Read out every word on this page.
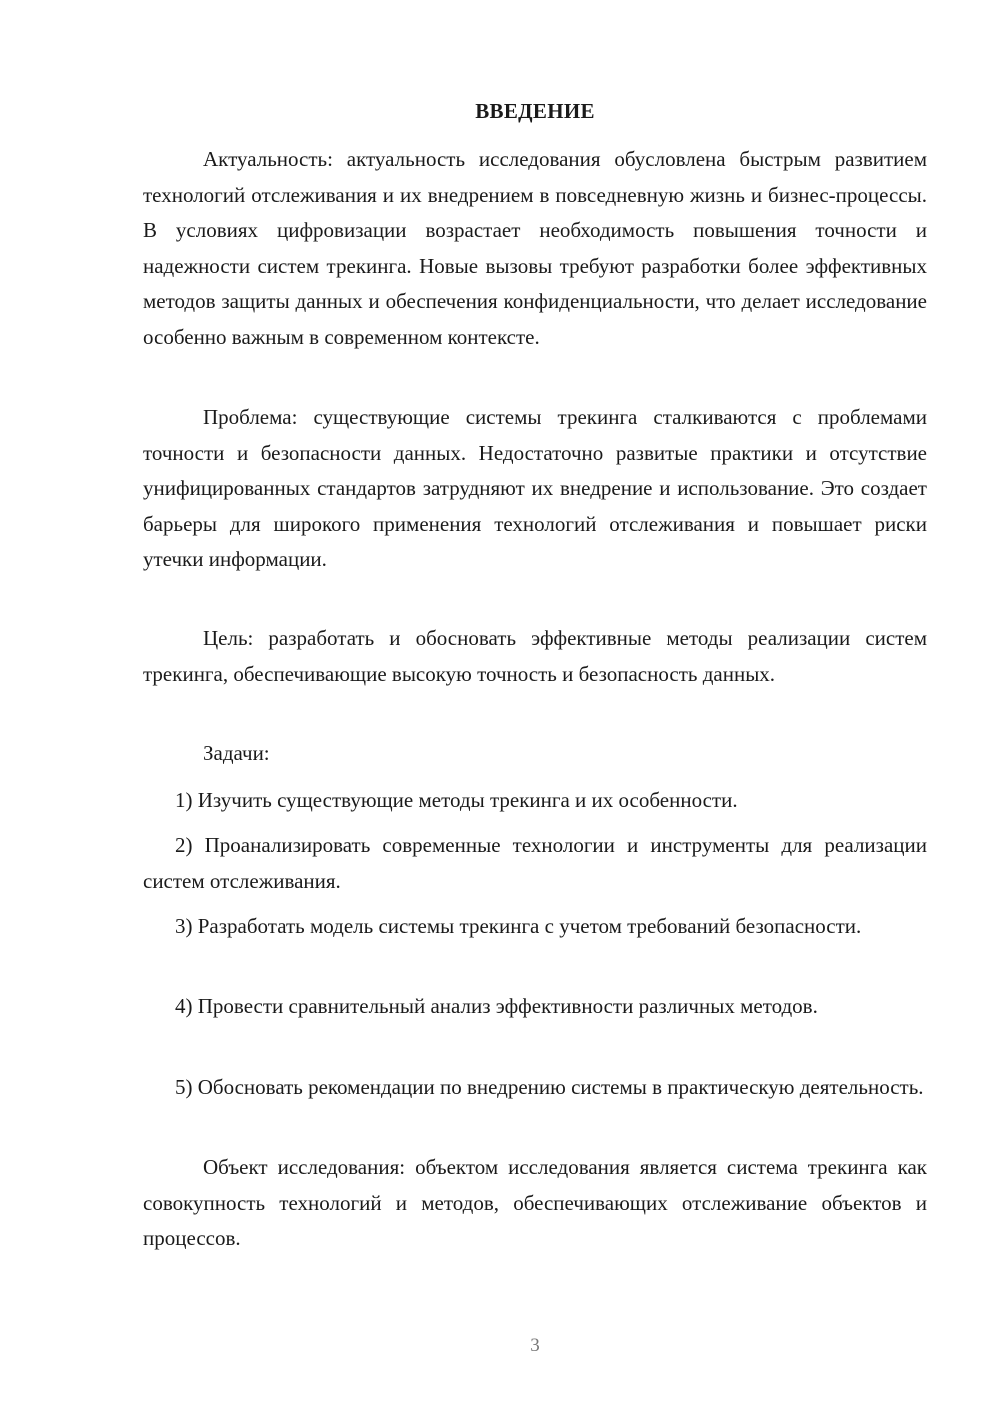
ВВЕДЕНИЕ

Актуальность: актуальность исследования обусловлена быстрым развитием технологий отслеживания и их внедрением в повседневную жизнь и бизнес-процессы. В условиях цифровизации возрастает необходимость повышения точности и надежности систем трекинга. Новые вызовы требуют разработки более эффективных методов защиты данных и обеспечения конфиденциальности, что делает исследование особенно важным в современном контексте.

Проблема: существующие системы трекинга сталкиваются с проблемами точности и безопасности данных. Недостаточно развитые практики и отсутствие унифицированных стандартов затрудняют их внедрение и использование. Это создает барьеры для широкого применения технологий отслеживания и повышает риски утечки информации.

Цель: разработать и обосновать эффективные методы реализации систем трекинга, обеспечивающие высокую точность и безопасность данных.

Задачи:

1) Изучить существующие методы трекинга и их особенности.

2) Проанализировать современные технологии и инструменты для реализации систем отслеживания.

3) Разработать модель системы трекинга с учетом требований безопасности.

4) Провести сравнительный анализ эффективности различных методов.

5) Обосновать рекомендации по внедрению системы в практическую деятельность.

Объект исследования: объектом исследования является система трекинга как совокупность технологий и методов, обеспечивающих отслеживание объектов и процессов.

3
